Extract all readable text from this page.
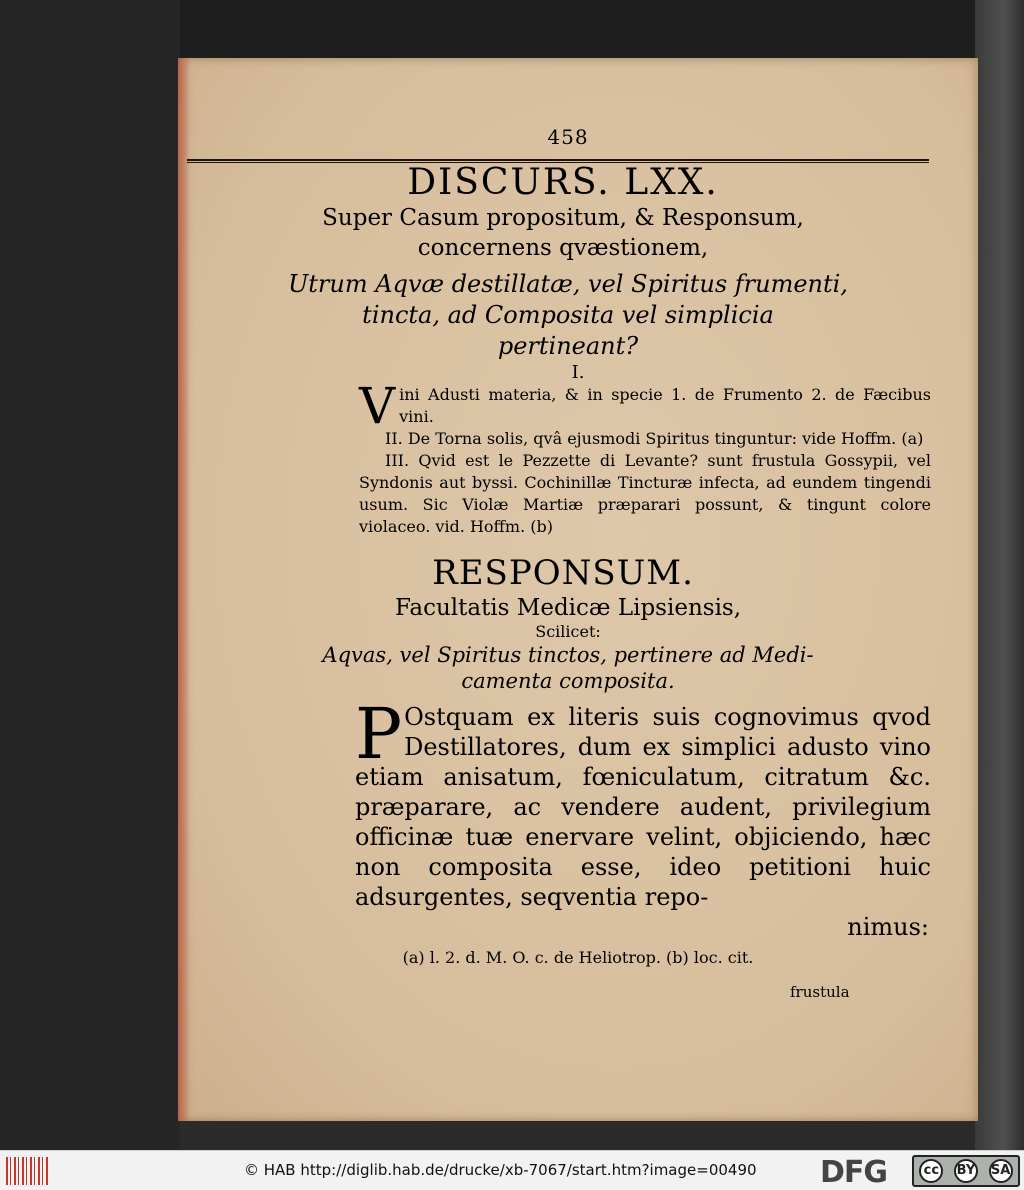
458
DISCURS. LXX.
Super Casum propositum, & Responsum,
concernens qvæstionem,
Utrum Aqvæ destillatæ, vel Spiritus frumenti,
tincta, ad Composita vel simplicia
pertineant?
I.
V ini Adusti materia, & in specie 1. de Frumento 2. de Fæcibus vini.
II. De Torna solis, qvâ ejusmodi Spiritus tinguntur: vide Hoffm. (a)
III. Qvid est le Pezzette di Levante? sunt frustula Gossypii, vel Syndonis aut byssi. Cochinillæ Tincturæ infecta, ad eundem tingendi usum. Sic Violæ Martiæ præparari possunt, & tingunt colore violaceo. vid. Hoffm. (b)
RESPONSUM.
Facultatis Medicæ Lipsiensis,
Scilicet:
Aqvas, vel Spiritus tinctos, pertinere ad Medi-
camenta composita.
P Ostquam ex literis suis cognovimus qvod Destillatores, dum ex simplici adusto vino etiam anisatum, fœniculatum, citratum &c. præparare, ac vendere audent, privilegium officinæ tuæ enervare velint, objiciendo, hæc non composita esse, ideo petitioni huic adsurgentes, seqventia repo-
nimus:
(a) l. 2. d. M. O. c. de Heliotrop. (b) loc. cit.
frustula
© HAB http://diglib.hab.de/drucke/xb-7067/start.htm?image=00490 DFG	cc	BY SA
